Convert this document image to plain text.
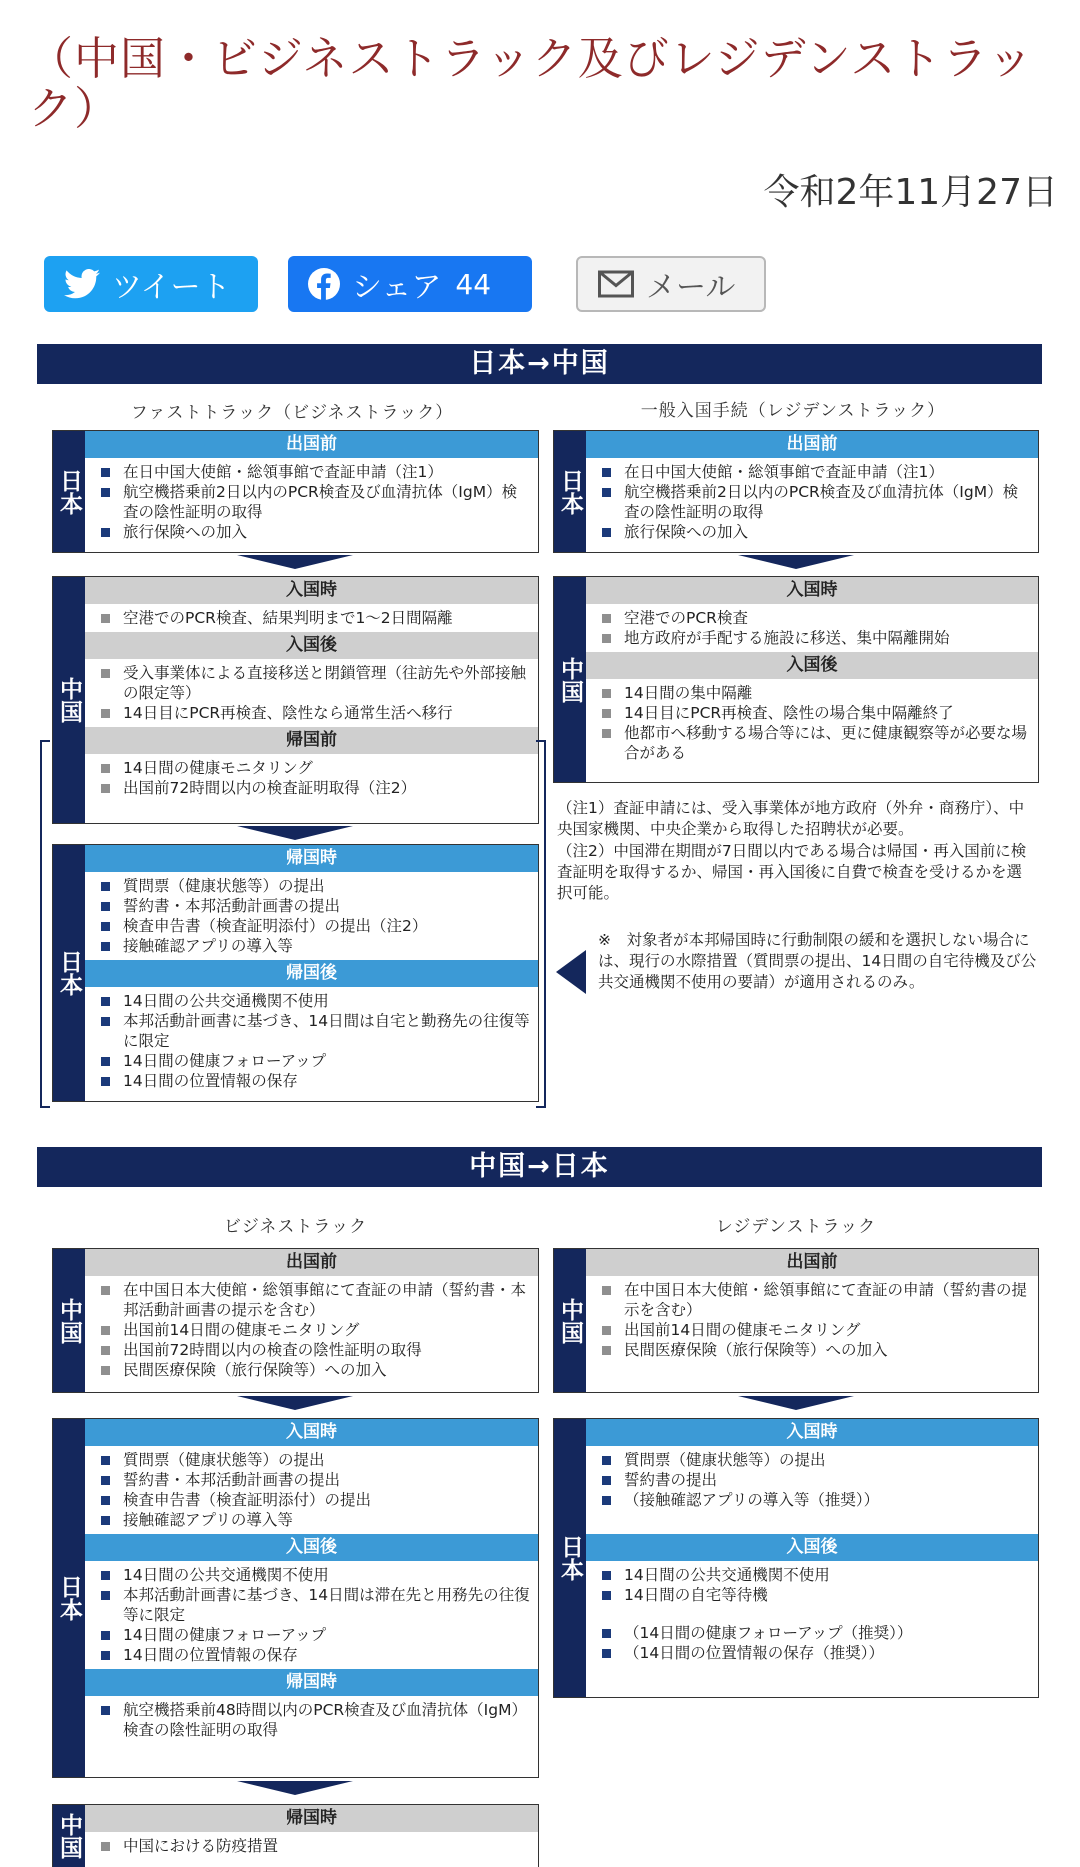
（中国・ビジネストラック及びレジデンストラック）
令和2年11月27日
ツイート	シェア 44	メール
日本→中国
ファストトラック（ビジネストラック）	一般入国手続（レジデンストラック）
日本
出国前
在日中国大使館・総領事館で査証申請（注1）
航空機搭乗前2日以内のPCR検査及び血清抗体（IgM）検査の陰性証明の取得
旅行保険への加入
中国
入国時
空港でのPCR検査、結果判明まで1～2日間隔離
入国後
受入事業体による直接移送と閉鎖管理（往訪先や外部接触の限定等）
14日目にPCR再検査、陰性なら通常生活へ移行
帰国前
14日間の健康モニタリング
出国前72時間以内の検査証明取得（注2）
日本
帰国時
質問票（健康状態等）の提出
誓約書・本邦活動計画書の提出
検査申告書（検査証明添付）の提出（注2）
接触確認アプリの導入等
帰国後
14日間の公共交通機関不使用
本邦活動計画書に基づき、14日間は自宅と勤務先の往復等に限定
14日間の健康フォローアップ
14日間の位置情報の保存
日本
出国前
在日中国大使館・総領事館で査証申請（注1）
航空機搭乗前2日以内のPCR検査及び血清抗体（IgM）検査の陰性証明の取得
旅行保険への加入
中国
入国時
空港でのPCR検査
地方政府が手配する施設に移送、集中隔離開始
入国後
14日間の集中隔離
14日目にPCR再検査、陰性の場合集中隔離終了
他都市へ移動する場合等には、更に健康観察等が必要な場合がある

（注1）査証申請には、受入事業体が地方政府（外弁・商務庁）、中央国家機関、中央企業から取得した招聘状が必要。

（注2）中国滞在期間が7日間以内である場合は帰国・再入国前に検査証明を取得するか、帰国・再入国後に自費で検査を受けるかを選択可能。

※　対象者が本邦帰国時に行動制限の緩和を選択しない場合には、現行の水際措置（質問票の提出、14日間の自宅待機及び公共交通機関不使用の要請）が適用されるのみ。
中国→日本
ビジネストラック	レジデンストラック
中国
出国前
在中国日本大使館・総領事館にて査証の申請（誓約書・本邦活動計画書の提示を含む）
出国前14日間の健康モニタリング
出国前72時間以内の検査の陰性証明の取得
民間医療保険（旅行保険等）への加入
日本
入国時
質問票（健康状態等）の提出
誓約書・本邦活動計画書の提出
検査申告書（検査証明添付）の提出
接触確認アプリの導入等
入国後
14日間の公共交通機関不使用
本邦活動計画書に基づき、14日間は滞在先と用務先の往復等に限定
14日間の健康フォローアップ
14日間の位置情報の保存
帰国時
航空機搭乗前48時間以内のPCR検査及び血清抗体（IgM）検査の陰性証明の取得
中国	帰国時
中国における防疫措置
中国
出国前
在中国日本大使館・総領事館にて査証の申請（誓約書の提示を含む）
出国前14日間の健康モニタリング
民間医療保険（旅行保険等）への加入
日本
入国時
質問票（健康状態等）の提出
誓約書の提出
（接触確認アプリの導入等（推奨））
入国後
14日間の公共交通機関不使用
14日間の自宅等待機
（14日間の健康フォローアップ（推奨））
（14日間の位置情報の保存（推奨））
